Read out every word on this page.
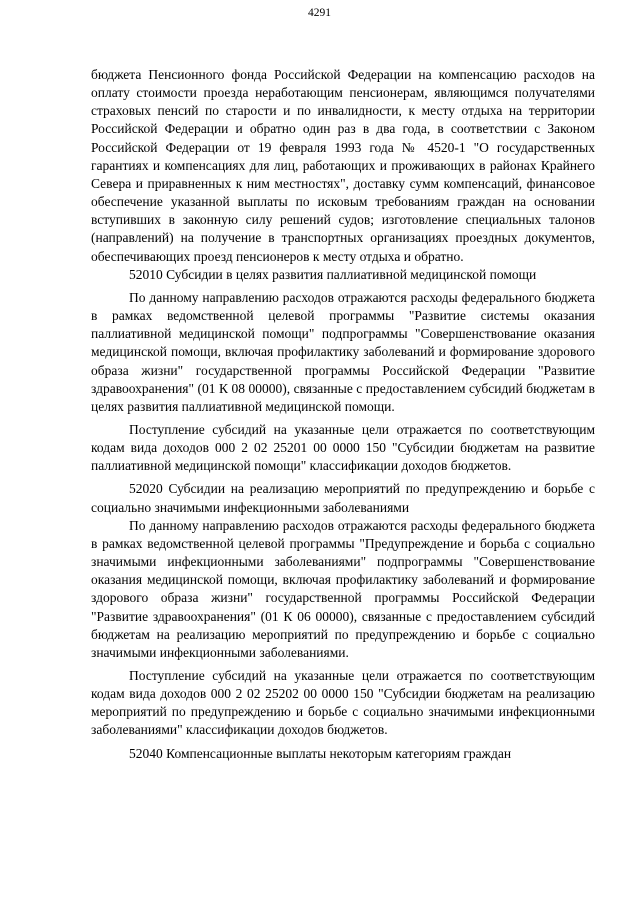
4291

бюджета Пенсионного фонда Российской Федерации на компенсацию расходов на оплату стоимости проезда неработающим пенсионерам, являющимся получателями страховых пенсий по старости и по инвалидности, к месту отдыха на территории Российской Федерации и обратно один раз в два года, в соответствии с Законом Российской Федерации от 19 февраля 1993 года № 4520-1 "О государственных гарантиях и компенсациях для лиц, работающих и проживающих в районах Крайнего Севера и приравненных к ним местностях", доставку сумм компенсаций, финансовое обеспечение указанной выплаты по исковым требованиям граждан на основании вступивших в законную силу решений судов; изготовление специальных талонов (направлений) на получение в транспортных организациях проездных документов, обеспечивающих проезд пенсионеров к месту отдыха и обратно.

52010 Субсидии в целях развития паллиативной медицинской помощи

По данному направлению расходов отражаются расходы федерального бюджета в рамках ведомственной целевой программы "Развитие системы оказания паллиативной медицинской помощи" подпрограммы "Совершенствование оказания медицинской помощи, включая профилактику заболеваний и формирование здорового образа жизни" государственной программы Российской Федерации "Развитие здравоохранения" (01 К 08 00000), связанные с предоставлением субсидий бюджетам в целях развития паллиативной медицинской помощи.

Поступление субсидий на указанные цели отражается по соответствующим кодам вида доходов 000 2 02 25201 00 0000 150 "Субсидии бюджетам на развитие паллиативной медицинской помощи" классификации доходов бюджетов.

52020 Субсидии на реализацию мероприятий по предупреждению и борьбе с социально значимыми инфекционными заболеваниями

По данному направлению расходов отражаются расходы федерального бюджета в рамках ведомственной целевой программы "Предупреждение и борьба с социально значимыми инфекционными заболеваниями" подпрограммы "Совершенствование оказания медицинской помощи, включая профилактику заболеваний и формирование здорового образа жизни" государственной программы Российской Федерации "Развитие здравоохранения" (01 К 06 00000), связанные с предоставлением субсидий бюджетам на реализацию мероприятий по предупреждению и борьбе с социально значимыми инфекционными заболеваниями.

Поступление субсидий на указанные цели отражается по соответствующим кодам вида доходов 000 2 02 25202 00 0000 150 "Субсидии бюджетам на реализацию мероприятий по предупреждению и борьбе с социально значимыми инфекционными заболеваниями" классификации доходов бюджетов.

52040 Компенсационные выплаты некоторым категориям граждан
